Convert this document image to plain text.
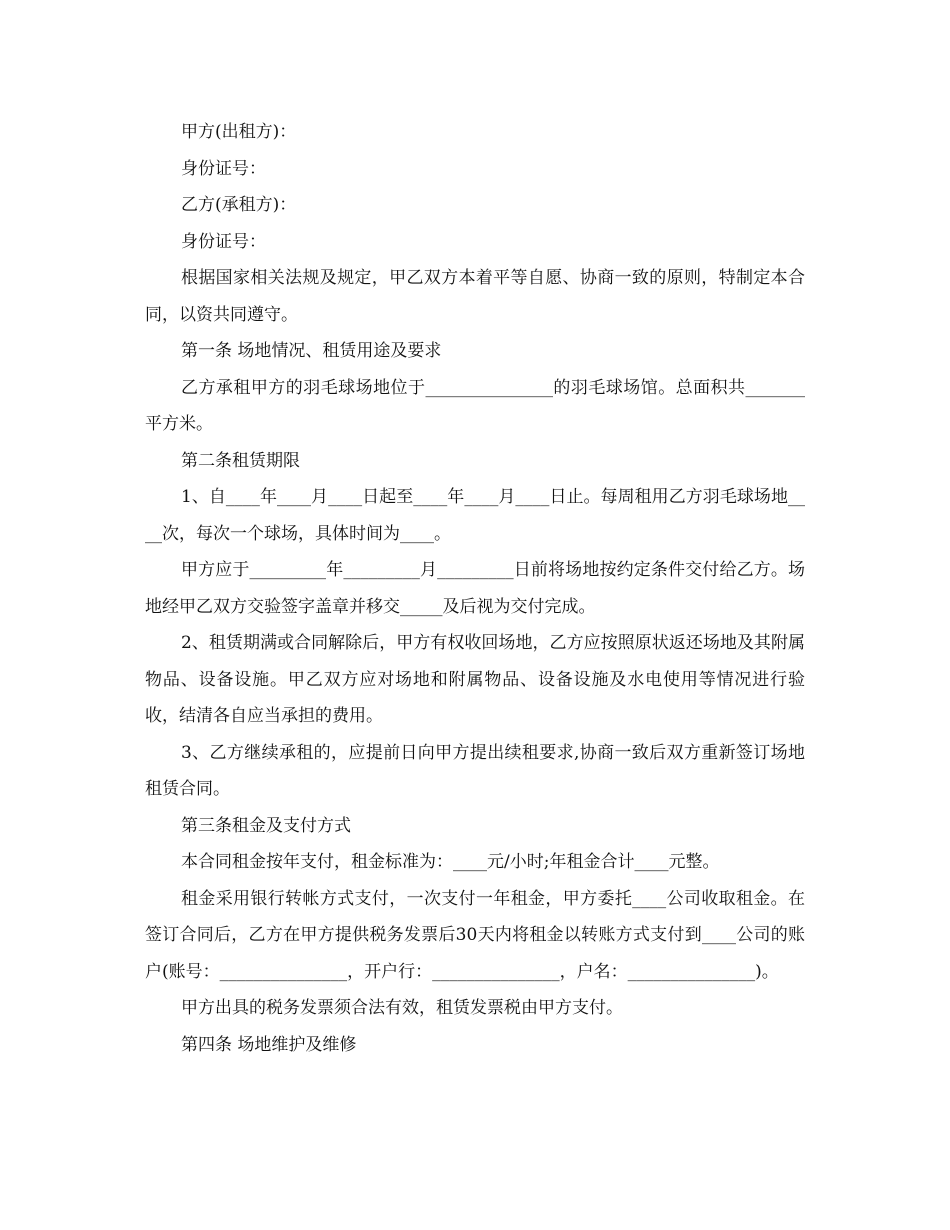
甲方(出租方)：

身份证号：

乙方(承租方)：

身份证号：

根据国家相关法规及规定，甲乙双方本着平等自愿、协商一致的原则，特制定本合同，以资共同遵守。

第一条 场地情况、租赁用途及要求

乙方承租甲方的羽毛球场地位于_______________的羽毛球场馆。总面积共_______平方米。

第二条租赁期限

1、自____年____月____日起至____年____月____日止。每周租用乙方羽毛球场地____次，每次一个球场，具体时间为____。

甲方应于_________年_________月_________日前将场地按约定条件交付给乙方。场地经甲乙双方交验签字盖章并移交_____及后视为交付完成。

2、租赁期满或合同解除后，甲方有权收回场地，乙方应按照原状返还场地及其附属物品、设备设施。甲乙双方应对场地和附属物品、设备设施及水电使用等情况进行验收，结清各自应当承担的费用。

3、乙方继续承租的，应提前日向甲方提出续租要求,协商一致后双方重新签订场地租赁合同。

第三条租金及支付方式

本合同租金按年支付，租金标准为：____元/小时;年租金合计____元整。

租金采用银行转帐方式支付，一次支付一年租金，甲方委托____公司收取租金。在签订合同后，乙方在甲方提供税务发票后30天内将租金以转账方式支付到____公司的账户(账号：_______________，开户行：_______________，户名：_______________)。

甲方出具的税务发票须合法有效，租赁发票税由甲方支付。

第四条 场地维护及维修
